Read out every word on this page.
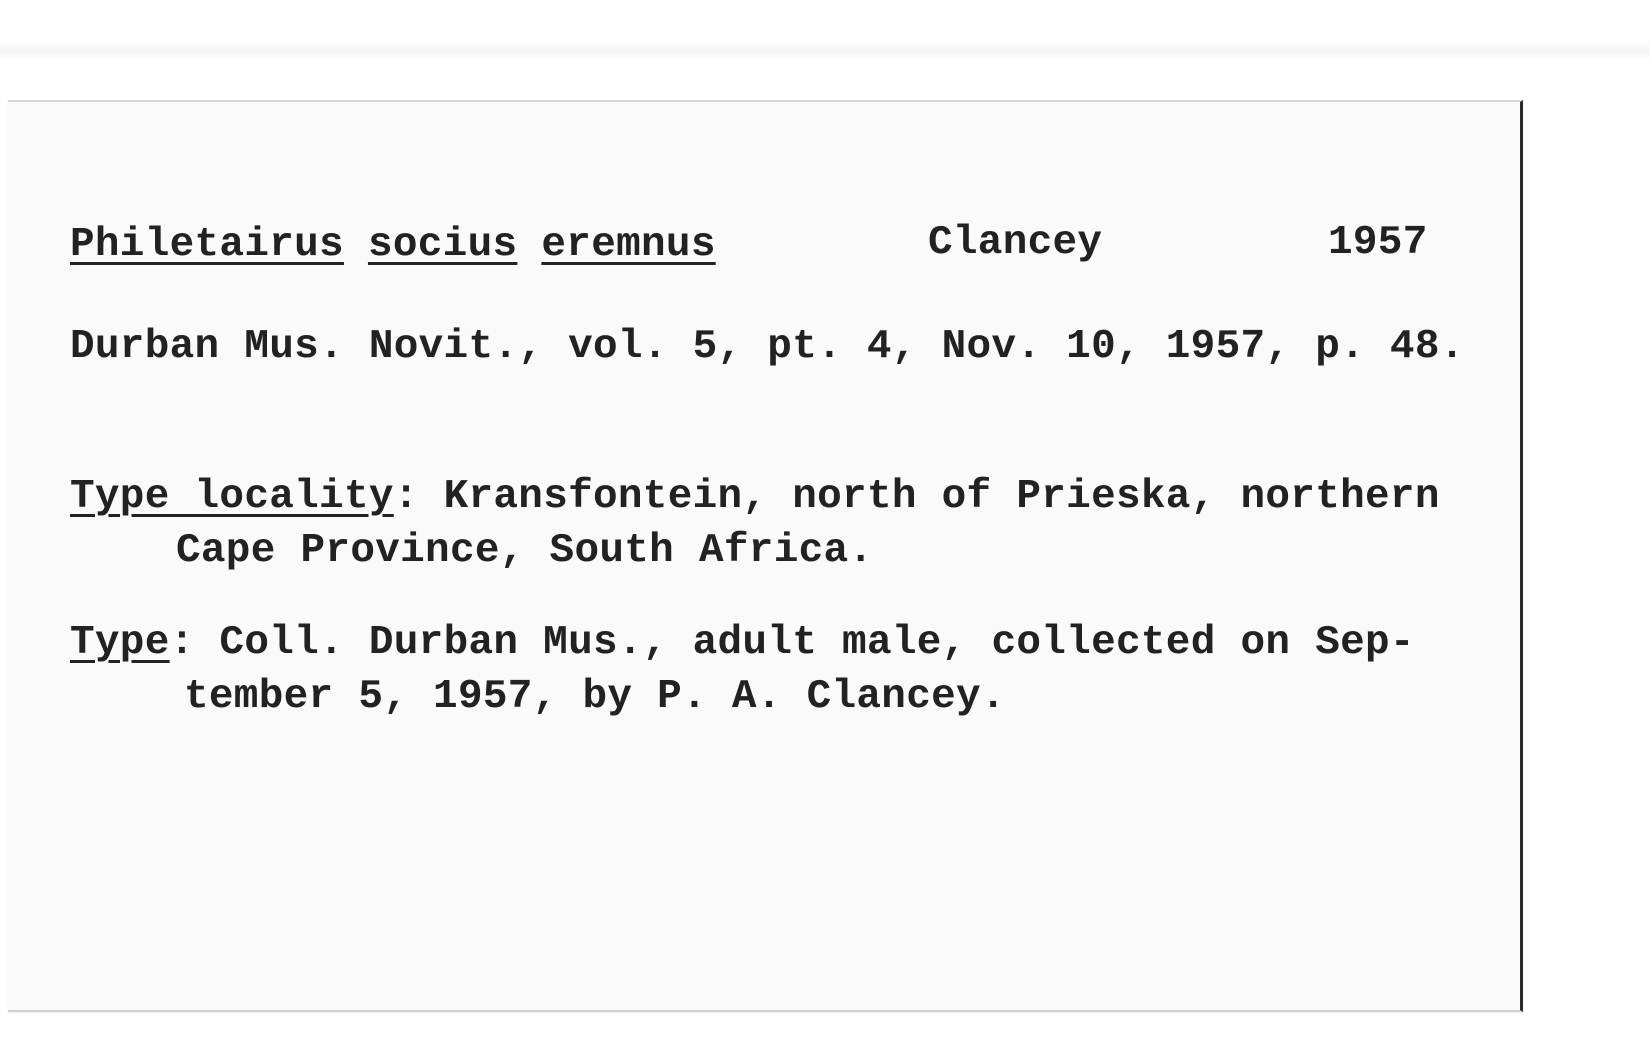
Philetairus socius eremnus	Clancey	1957
Durban Mus. Novit., vol. 5, pt. 4, Nov. 10, 1957, p. 48.
Type locality: Kransfontein, north of Prieska, northern
Cape Province, South Africa.
Type: Coll. Durban Mus., adult male, collected on Sep-
tember 5, 1957, by P. A. Clancey.
